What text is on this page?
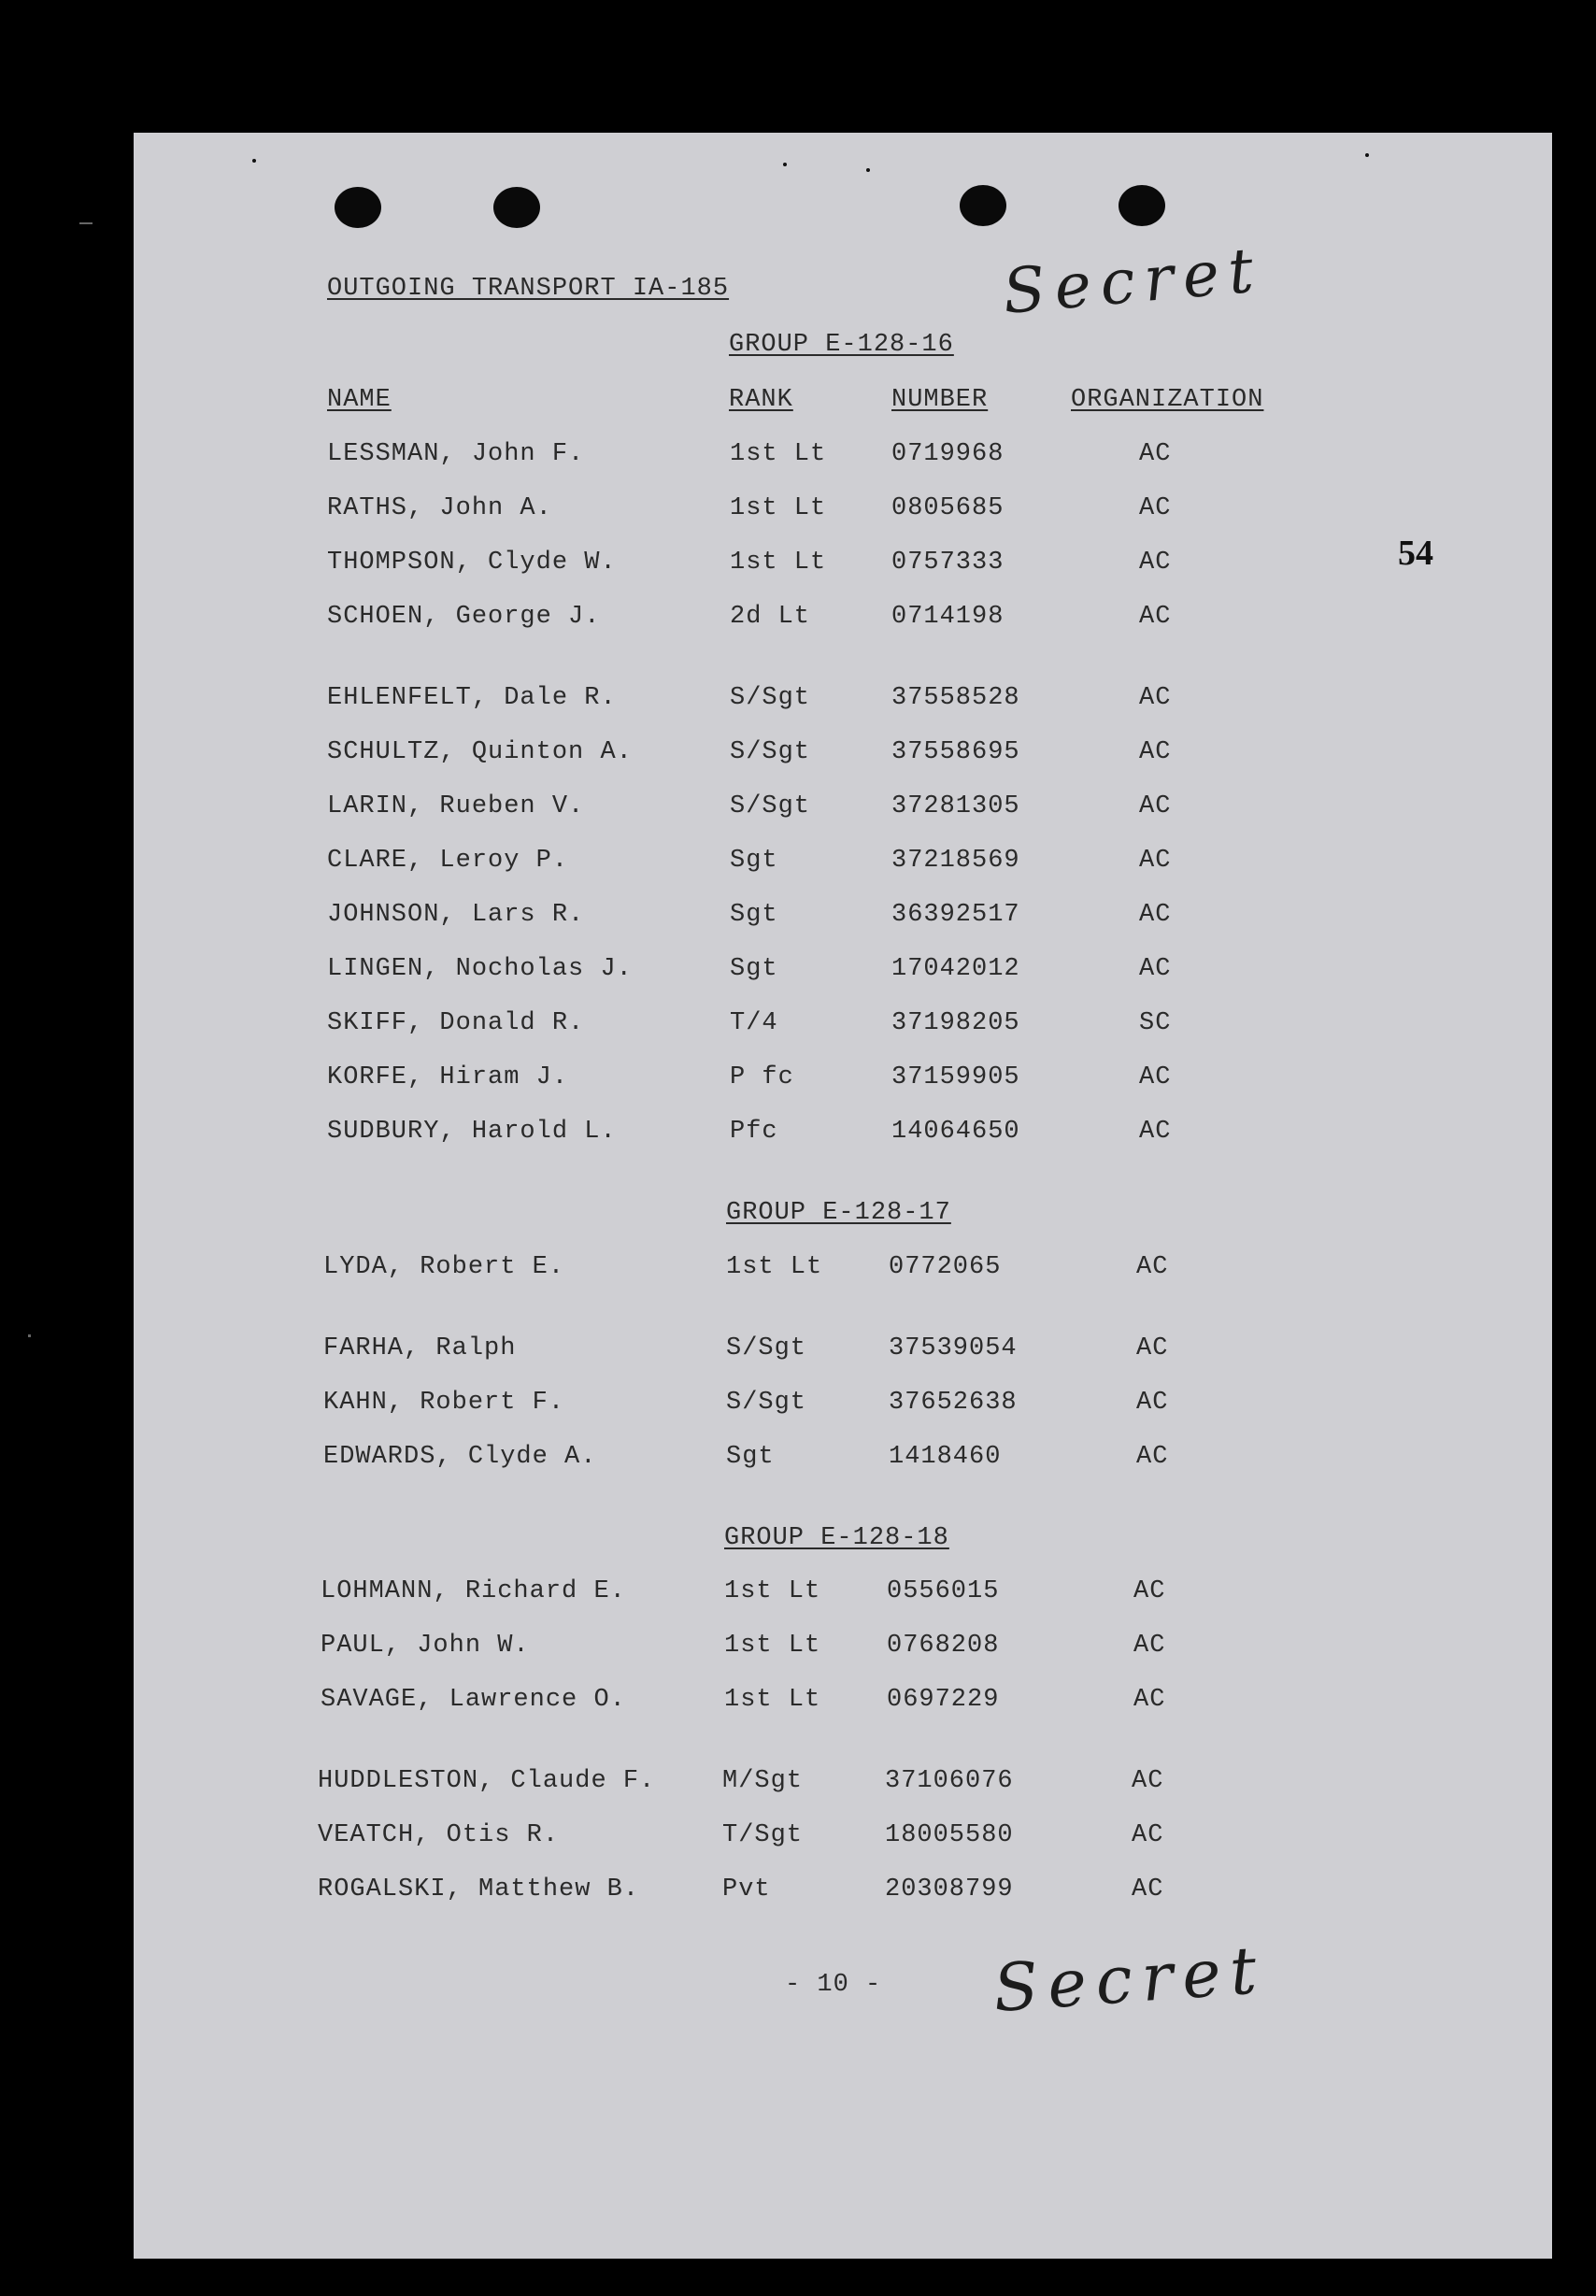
OUTGOING TRANSPORT IA-185	Secret
GROUP E-128-16
NAME	RANK	NUMBER	ORGANIZATION
54
LESSMAN, John F.	1st Lt	0719968	AC
RATHS, John A.	1st Lt	0805685	AC
THOMPSON, Clyde W.	1st Lt	0757333	AC
SCHOEN, George J.	2d Lt	0714198	AC
EHLENFELT, Dale R.	S/Sgt	37558528	AC
SCHULTZ, Quinton A.	S/Sgt	37558695	AC
LARIN, Rueben V.	S/Sgt	37281305	AC
CLARE, Leroy P.	Sgt	37218569	AC
JOHNSON, Lars R.	Sgt	36392517	AC
LINGEN, Nocholas J.	Sgt	17042012	AC
SKIFF, Donald R.	T/4	37198205	SC
KORFE, Hiram J.	P fc	37159905	AC
SUDBURY, Harold L.	Pfc	14064650	AC
GROUP E-128-17
LYDA, Robert E.	1st Lt	0772065	AC
FARHA, Ralph	S/Sgt	37539054	AC
KAHN, Robert F.	S/Sgt	37652638	AC
EDWARDS, Clyde A.	Sgt	1418460	AC
GROUP E-128-18
LOHMANN, Richard E.	1st Lt	0556015	AC
PAUL, John W.	1st Lt	0768208	AC
SAVAGE, Lawrence O.	1st Lt	0697229	AC
HUDDLESTON, Claude F.	M/Sgt	37106076	AC
VEATCH, Otis R.	T/Sgt	18005580	AC
ROGALSKI, Matthew B.	Pvt	20308799	AC
- 10 - Secret
